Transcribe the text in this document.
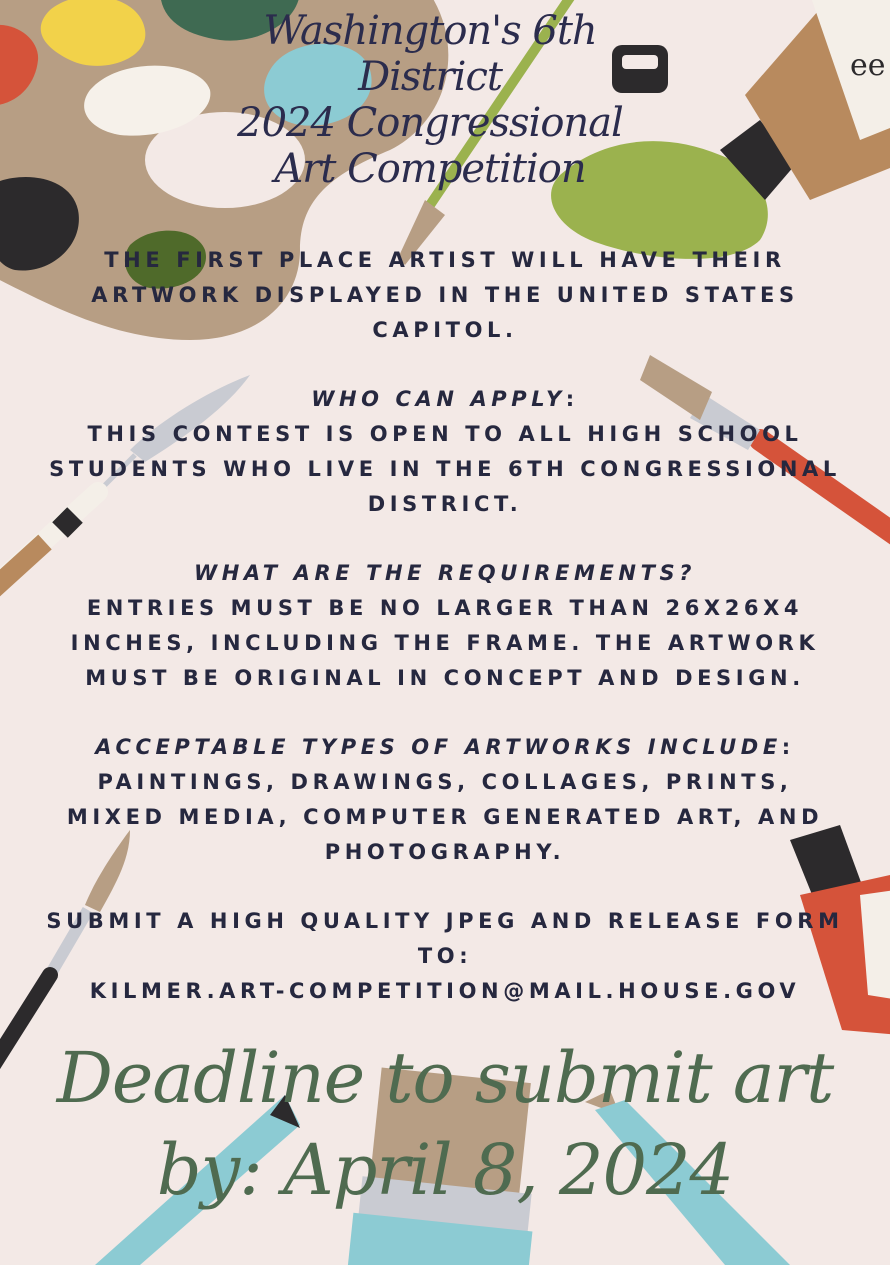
ee
Washington's 6th
District
2024 Congressional
Art Competition

THE FIRST PLACE ARTIST WILL HAVE THEIR

ARTWORK DISPLAYED IN THE UNITED STATES

CAPITOL.

WHO CAN APPLY:

THIS CONTEST IS OPEN TO ALL HIGH SCHOOL

STUDENTS WHO LIVE IN THE 6TH CONGRESSIONAL

DISTRICT.

WHAT ARE THE REQUIREMENTS?

ENTRIES MUST BE NO LARGER THAN 26X26X4

INCHES, INCLUDING THE FRAME. THE ARTWORK

MUST BE ORIGINAL IN CONCEPT AND DESIGN.

ACCEPTABLE TYPES OF ARTWORKS INCLUDE:

PAINTINGS, DRAWINGS, COLLAGES, PRINTS,

MIXED MEDIA, COMPUTER GENERATED ART, AND

PHOTOGRAPHY.

SUBMIT A HIGH QUALITY JPEG AND RELEASE FORM

TO:

KILMER.ART-COMPETITION@MAIL.HOUSE.GOV

Deadline to submit art
by: April 8, 2024
